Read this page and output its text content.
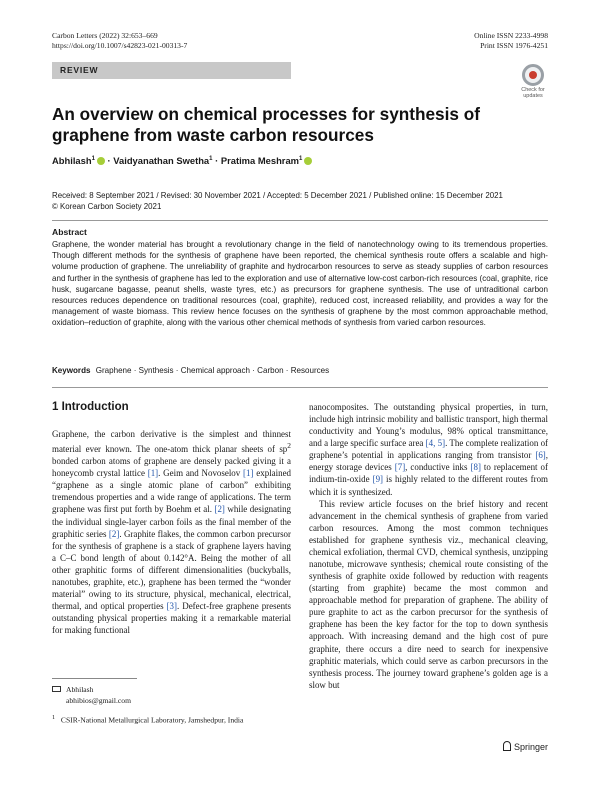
Carbon Letters (2022) 32:653–669
https://doi.org/10.1007/s42823-021-00313-7
Online ISSN 2233-4998
Print ISSN 1976-4251
REVIEW
Check for updates
An overview on chemical processes for synthesis of graphene from waste carbon resources
Abhilash$^1$ · Vaidyanathan Swetha$^1$ · Pratima Meshram$^1$
Received: 8 September 2021 / Revised: 30 November 2021 / Accepted: 5 December 2021 / Published online: 15 December 2021
© Korean Carbon Society 2021
Abstract
Graphene, the wonder material has brought a revolutionary change in the field of nanotechnology owing to its tremendous properties. Though different methods for the synthesis of graphene have been reported, the chemical synthesis route offers a scalable and high-volume production of graphene. The unreliability of graphite and hydrocarbon resources to serve as steady supplies of carbon resources and further in the synthesis of graphene has led to the exploration and use of alternative low-cost carbon-rich resources (coal, graphite, rice husk, sugarcane bagasse, peanut shells, waste tyres, etc.) as precursors for graphene synthesis. The use of untraditional carbon resources reduces dependence on traditional resources (coal, graphite), reduced cost, increased reliability, and provides a way for the management of waste biomass. This review hence focuses on the synthesis of graphene by the most common approachable method, oxidation–reduction of graphite, along with the various other chemical methods of synthesis from varied carbon resources.
Keywords Graphene · Synthesis · Chemical approach · Carbon · Resources
1 Introduction

Graphene, the carbon derivative is the simplest and thinnest material ever known. The one-atom thick planar sheets of $sp^2$ bonded carbon atoms of graphene are densely packed giving it a honeycomb crystal lattice [1]. Geim and Novoselov [1] explained “graphene as a single atomic plane of carbon” exhibiting tremendous properties and a wide range of applications. The term graphene was first put forth by Boehm et al. [2] while designating the individual single-layer carbon foils as the final member of the graphitic series [2]. Graphite flakes, the common carbon precursor for the synthesis of graphene is a stack of graphene layers having a C–C bond length of about 0.142°A. Being the mother of all other graphitic forms of different dimensionalities (buckyballs, nanotubes, graphite, etc.), graphene has been termed the “wonder material” owing to its structure, physical, mechanical, electrical, thermal, and optical properties [3]. Defect-free graphene presents outstanding physical properties making it a remarkable material for making functional

nanocomposites. The outstanding physical properties, in turn, include high intrinsic mobility and ballistic transport, high thermal conductivity and Young’s modulus, 98% optical transmittance, and a large specific surface area [4, 5]. The complete realization of graphene’s potential in applications ranging from transistor [6], energy storage devices [7], conductive inks [8] to replacement of indium-tin-oxide [9] is highly related to the different routes from which it is synthesized.

This review article focuses on the brief history and recent advancement in the chemical synthesis of graphene from varied carbon resources. Among the most common techniques established for graphene synthesis viz., mechanical cleaving, chemical exfoliation, thermal CVD, chemical synthesis, unzipping nanotube, microwave synthesis; chemical route consisting of the synthesis of graphite oxide followed by reduction with reagents (starting from graphite) became the most common and approachable method for preparation of graphene. The ability of pure graphite to act as the carbon precursor for the synthesis of graphene has been the key factor for the top to down synthesis approach. With increasing demand and the high cost of pure graphite, there occurs a dire need to search for inexpensive graphitic materials, which could serve as carbon precursors in the synthesis process. The journey toward graphene’s golden age is a slow but

Abhilash
abhibios@gmail.com
$^1$ CSIR-National Metallurgical Laboratory, Jamshedpur, India
Springer
